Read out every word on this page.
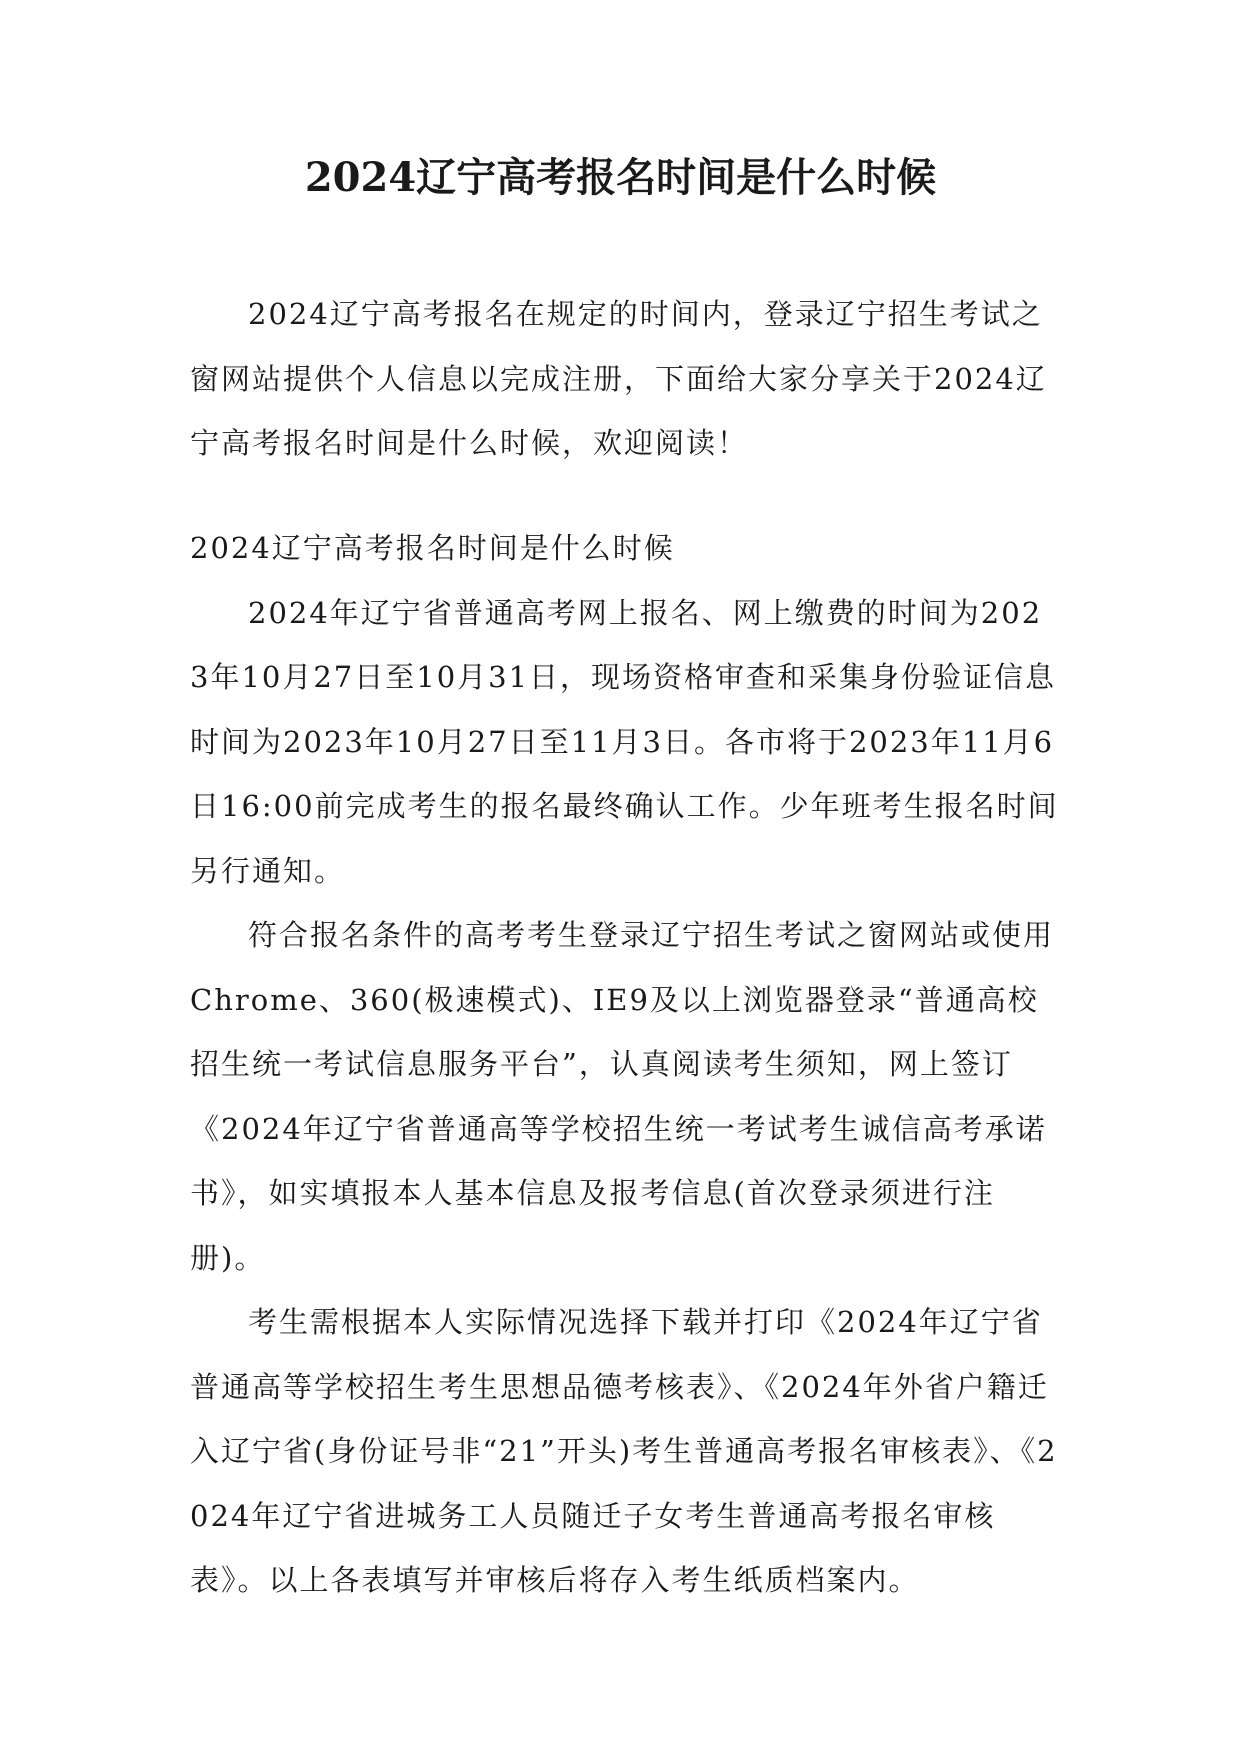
2024辽宁高考报名时间是什么时候

2024辽宁高考报名在规定的时间内，登录辽宁招生考试之窗网站提供个人信息以完成注册，下面给大家分享关于2024辽宁高考报名时间是什么时候，欢迎阅读！

2024辽宁高考报名时间是什么时候

2024年辽宁省普通高考网上报名、网上缴费的时间为2023年10月27日至10月31日，现场资格审查和采集身份验证信息时间为2023年10月27日至11月3日。各市将于2023年11月6日16:00前完成考生的报名最终确认工作。少年班考生报名时间另行通知。

符合报名条件的高考考生登录辽宁招生考试之窗网站或使用Chrome、360(极速模式)、IE9及以上浏览器登录“普通高校招生统一考试信息服务平台”，认真阅读考生须知，网上签订《2024年辽宁省普通高等学校招生统一考试考生诚信高考承诺书》，如实填报本人基本信息及报考信息(首次登录须进行注册)。

考生需根据本人实际情况选择下载并打印《2024年辽宁省普通高等学校招生考生思想品德考核表》、《2024年外省户籍迁入辽宁省(身份证号非“21”开头)考生普通高考报名审核表》、《2024年辽宁省进城务工人员随迁子女考生普通高考报名审核表》。以上各表填写并审核后将存入考生纸质档案内。
